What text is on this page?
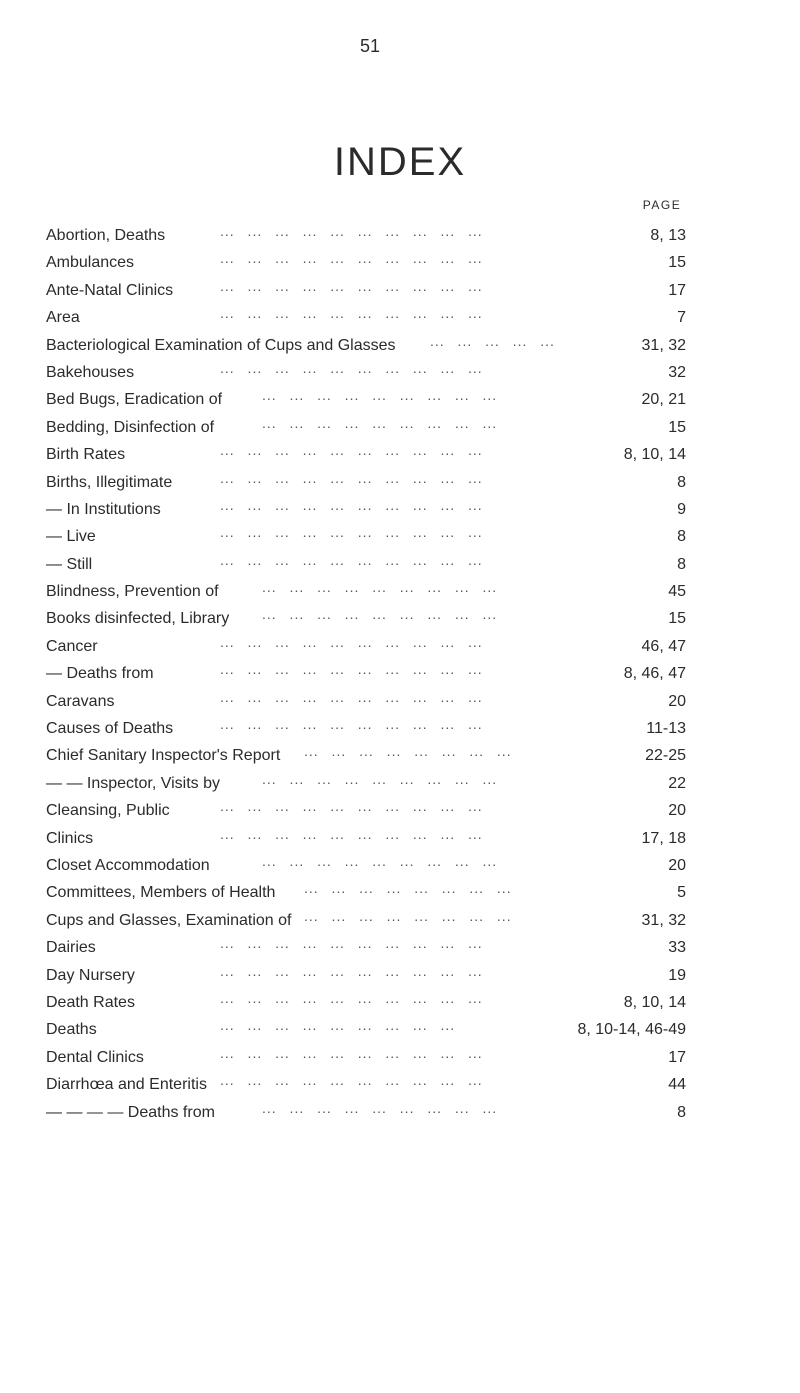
51
INDEX
PAGE
Abortion, Deaths	... ... ... ... ... ... ... ... ... ...	8, 13
Ambulances	... ... ... ... ... ... ... ... ... ...	15
Ante-Natal Clinics	... ... ... ... ... ... ... ... ... ...	17
Area	... ... ... ... ... ... ... ... ... ...	7
Bacteriological Examination of Cups and Glasses ... ... ... ... ...	31, 32
Bakehouses	... ... ... ... ... ... ... ... ... ...	32
Bed Bugs, Eradication of	... ... ... ... ... ... ... ... ...	20, 21
Bedding, Disinfection of	... ... ... ... ... ... ... ... ...	15
Birth Rates	... ... ... ... ... ... ... ... ... ...	8, 10, 14
Births, Illegitimate	... ... ... ... ... ... ... ... ... ...	8
— In Institutions	... ... ... ... ... ... ... ... ... ...	9
— Live	... ... ... ... ... ... ... ... ... ...	8
— Still	... ... ... ... ... ... ... ... ... ...	8
Blindness, Prevention of	... ... ... ... ... ... ... ... ...	45
Books disinfected, Library ... ... ... ... ... ... ... ... ...	15
Cancer	... ... ... ... ... ... ... ... ... ...	46, 47
— Deaths from	... ... ... ... ... ... ... ... ... ...	8, 46, 47
Caravans	... ... ... ... ... ... ... ... ... ...	20
Causes of Deaths	... ... ... ... ... ... ... ... ... ...	11-13
Chief Sanitary Inspector's Report ... ... ... ... ... ... ... ...	22-25
— — Inspector, Visits by	... ... ... ... ... ... ... ... ...	22
Cleansing, Public	... ... ... ... ... ... ... ... ... ...	20
Clinics	... ... ... ... ... ... ... ... ... ...	17, 18
Closet Accommodation	... ... ... ... ... ... ... ... ...	20
Committees, Members of Health ... ... ... ... ... ... ... ...	5
Cups and Glasses, Examination of ... ... ... ... ... ... ... ...	31, 32
Dairies	... ... ... ... ... ... ... ... ... ...	33
Day Nursery	... ... ... ... ... ... ... ... ... ...	19
Death Rates	... ... ... ... ... ... ... ... ... ...	8, 10, 14
Deaths	... ... ... ... ... ... ... ... ...	8, 10-14, 46-49
Dental Clinics	... ... ... ... ... ... ... ... ... ...	17
Diarrhœa and Enteritis ... ... ... ... ... ... ... ... ... ...	44
— — — — Deaths from	... ... ... ... ... ... ... ... ...	8
